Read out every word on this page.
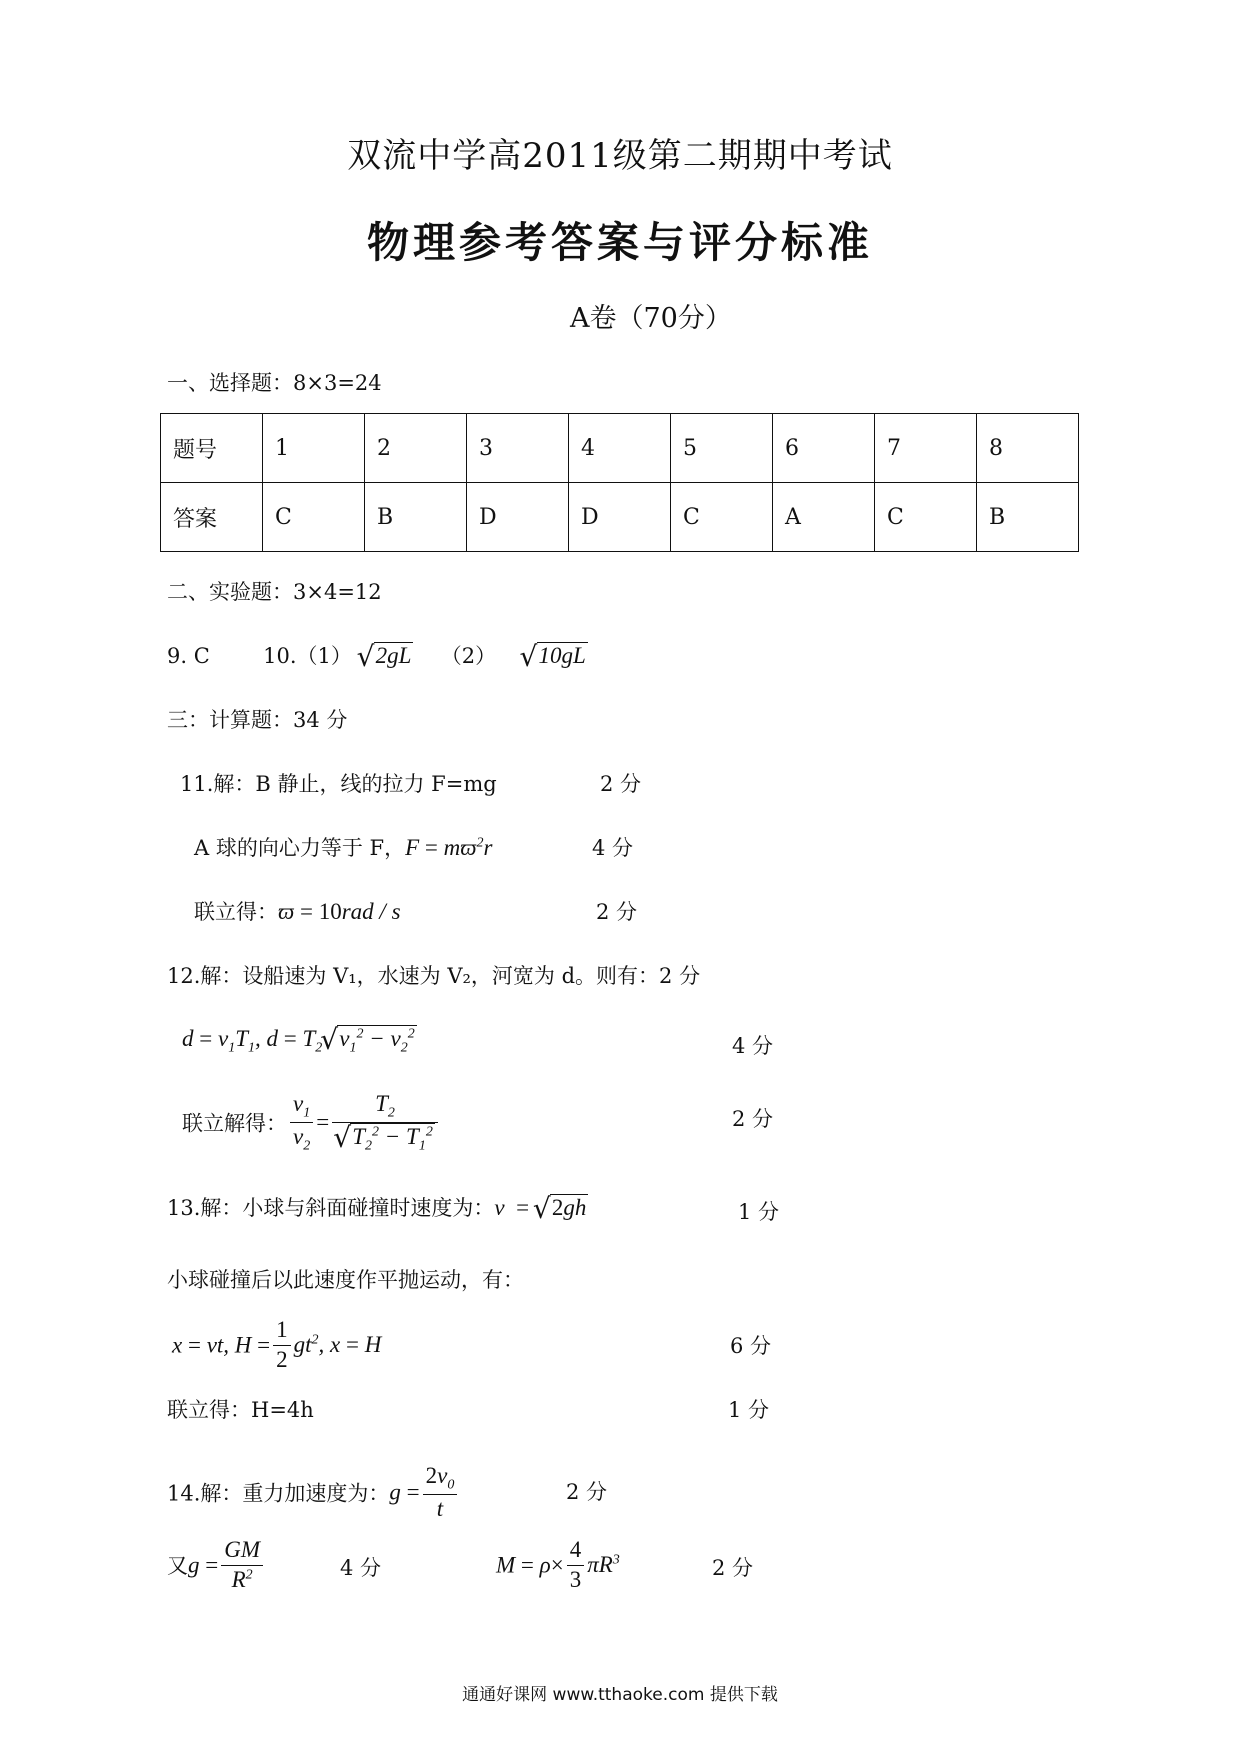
双流中学高2011级第二期期中考试
物理参考答案与评分标准
A卷（70分）
一、选择题：8×3=24
题号	1	2	3	4	5	6	7	8
答案	C	B	D	D	C	A	C	B
二、实验题：3×4=12
9. C	10.（1） √ 2gL （2） √ 10gL
三：计算题：34 分
11.解：B 静止，线的拉力 F=mg	2 分
A 球的向心力等于 F，$F = mϖ^2r$	4 分
联立得：ϖ = 10rad / s	2 分
12.解：设船速为 V₁，水速为 V₂，河宽为 d。则有：2 分
$d = v_1T_1$, $d = T_2$ √ $v_1^2 - v_2^2$
4 分
联立解得： $\frac{v_1}{v_2} = T_2$
√ $T_2^2 - T_1^2$	2 分
13.解：小球与斜面碰撞时速度为：v  = √ 2gh	1 分
小球碰撞后以此速度作平抛运动，有：
x = vt, $H = \frac{1}{2} gt^2$, x = H	6 分
联立得：H=4h	1 分
14.解：重力加速度为：$g = \frac{2v_0}{t}$	2 分
又$g = \frac{GM}{R^2}$	4 分	$M = \rho\times \frac{4}{3} \pi R^3$	2 分
通通好课网 www.tthaoke.com 提供下载
